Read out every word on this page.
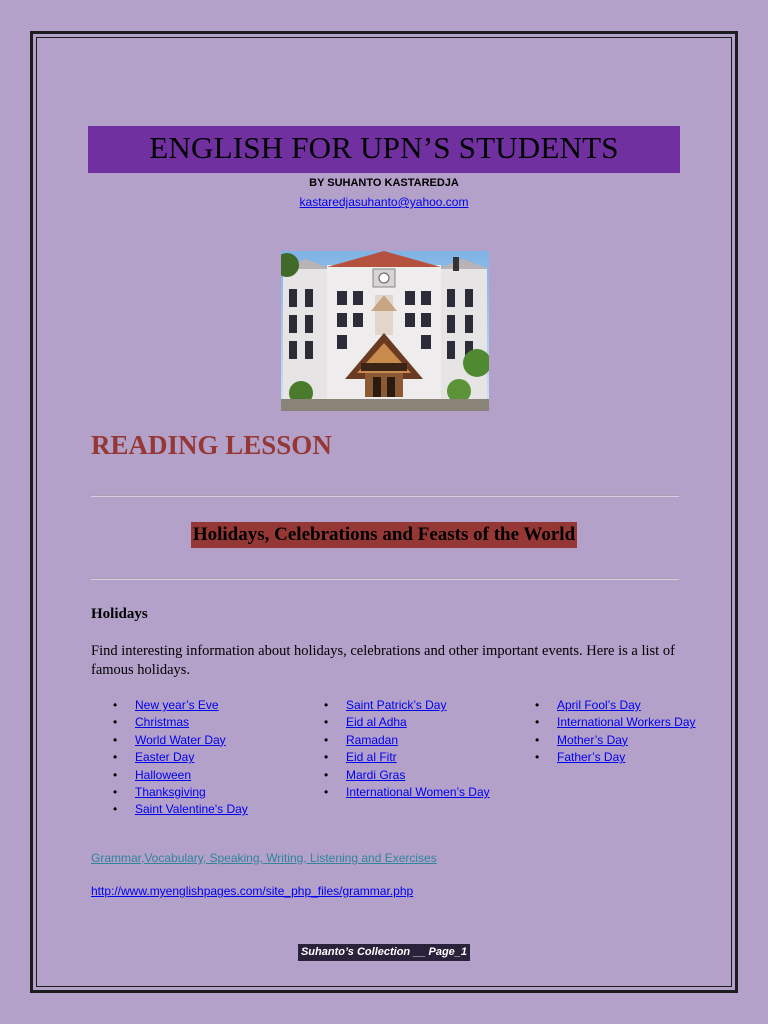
ENGLISH FOR UPN’S STUDENTS
BY SUHANTO KASTAREDJA
kastaredjasuhanto@yahoo.com
READING LESSON
Holidays, Celebrations and Feasts of the World
Holidays
Find interesting information about holidays, celebrations and other important events. Here is a list of famous holidays.
• New year’s Eve
• Christmas
• World Water Day
• Easter Day
• Halloween
• Thanksgiving
• Saint Valentine's Day
• Saint Patrick’s Day
• Eid al Adha
• Ramadan
• Eid al Fitr
• Mardi Gras
• International Women’s Day
• April Fool’s Day
• International Workers Day
• Mother’s Day
• Father’s Day
Grammar,Vocabulary, Speaking, Writing, Listening and Exercises
http://www.myenglishpages.com/site_php_files/grammar.php
Suhanto’s Collection __ Page_1
